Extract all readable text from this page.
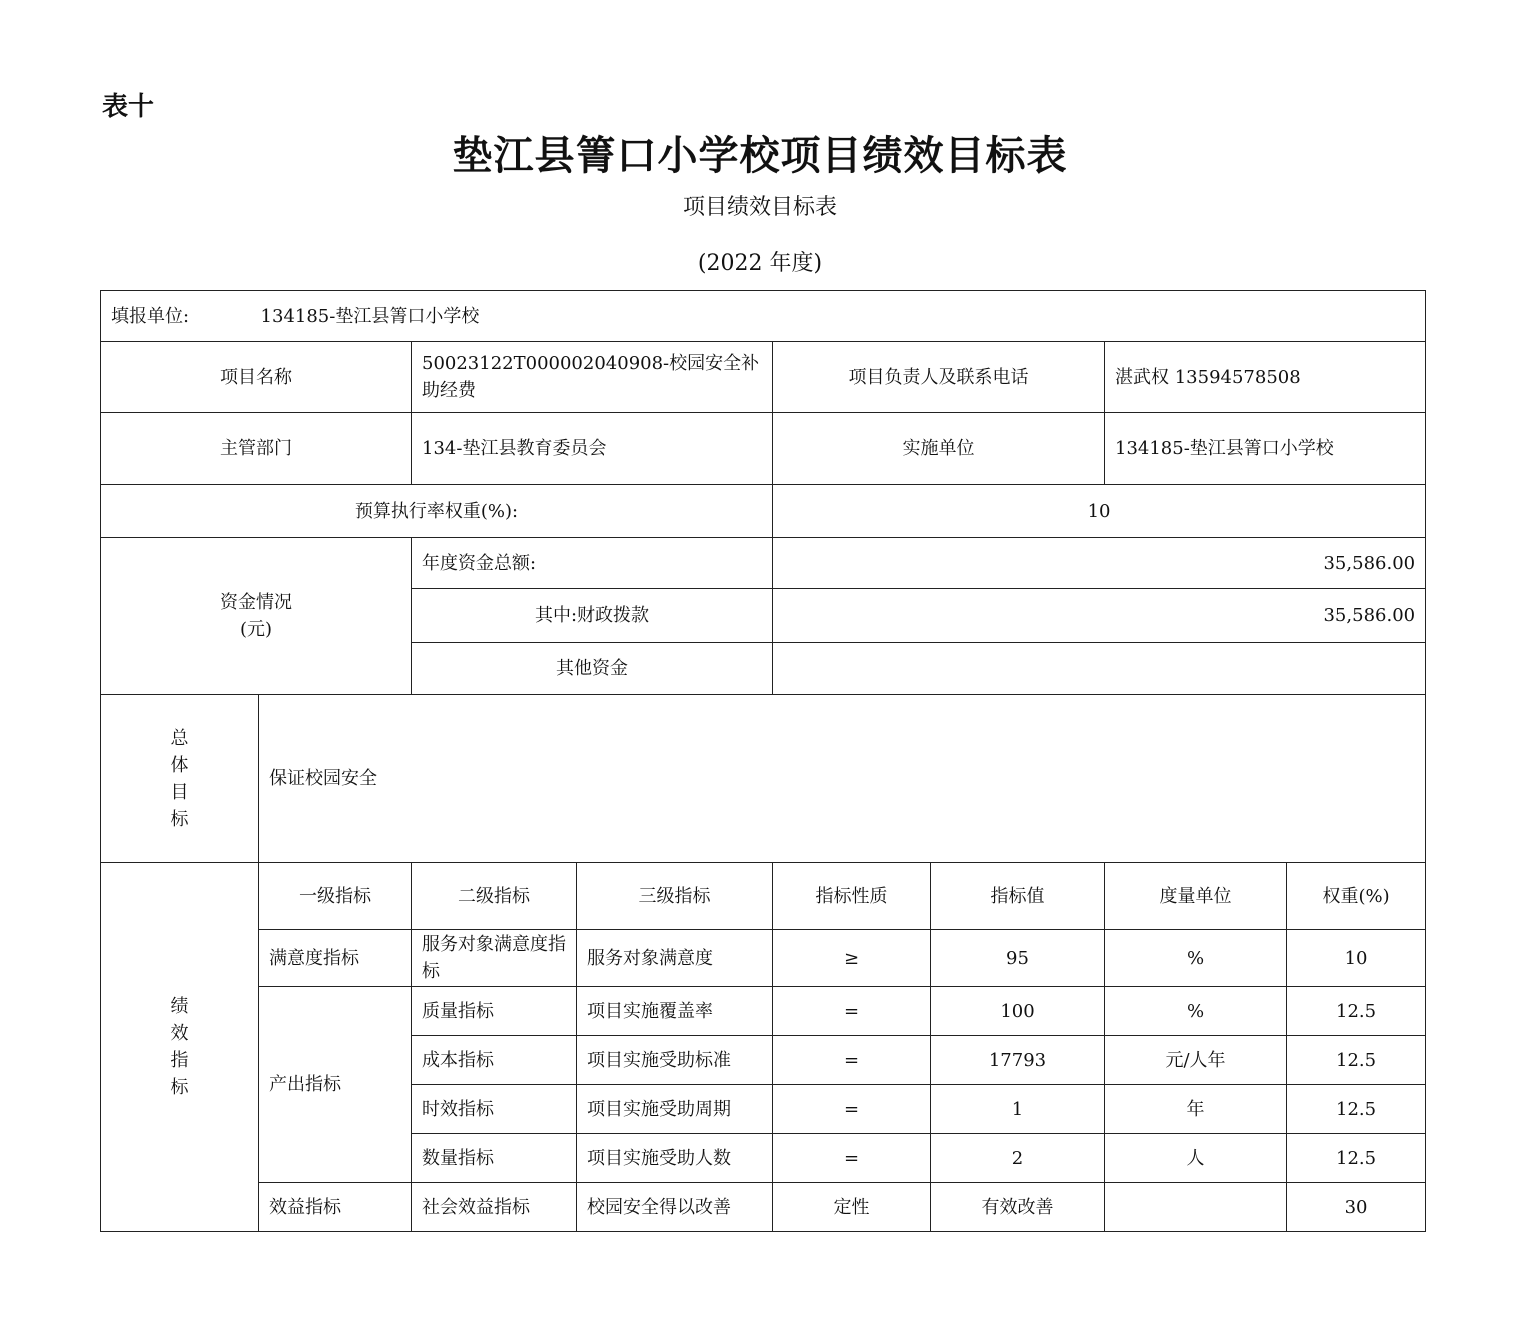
表十
垫江县箐口小学校项目绩效目标表
项目绩效目标表
(2022 年度)
填报单位: 134185-垫江县箐口小学校							
项目名称		50023122T000002040908-校园安全补助经费		项目负责人及联系电话		湛武权 13594578508	
主管部门		134-垫江县教育委员会		实施单位		134185-垫江县箐口小学校	
预算执行率权重(%):				10			

资金情况
(元)		年度资金总额:		35,586.00			
		其中:财政拨款		35,586.00			
		其他资金					

总
体
目
标	保证校园安全						

绩
效
指
标	一级指标	二级指标	三级指标	指标性质	指标值	度量单位	权重(%)
	满意度指标	服务对象满意度指标	服务对象满意度	≥	95	%	10
	产出指标	质量指标	项目实施覆盖率	=	100	%	12.5
		成本指标	项目实施受助标准	=	17793	元/人年	12.5
		时效指标	项目实施受助周期	=	1	年	12.5
		数量指标	项目实施受助人数	=	2	人	12.5
	效益指标	社会效益指标	校园安全得以改善	定性	有效改善		30
